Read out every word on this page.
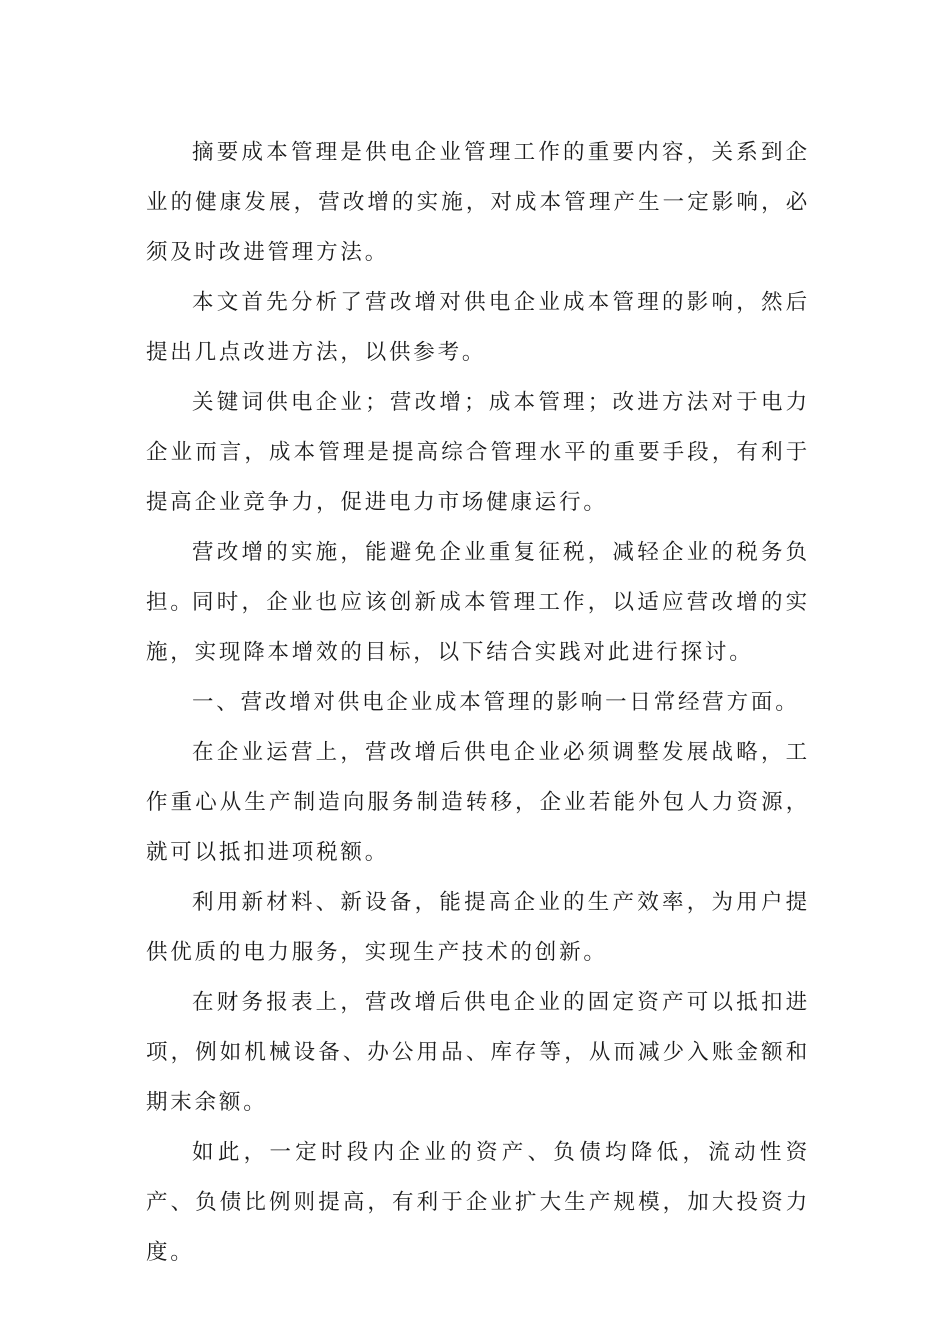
摘要成本管理是供电企业管理工作的重要内容，关系到企业的健康发展，营改增的实施，对成本管理产生一定影响，必须及时改进管理方法。

本文首先分析了营改增对供电企业成本管理的影响，然后提出几点改进方法，以供参考。

关键词供电企业；营改增；成本管理；改进方法对于电力企业而言，成本管理是提高综合管理水平的重要手段，有利于提高企业竞争力，促进电力市场健康运行。

营改增的实施，能避免企业重复征税，减轻企业的税务负担。

同时，企业也应该创新成本管理工作，以适应营改增的实施，实现降本增效的目标，以下结合实践对此进行探讨。

一、营改增对供电企业成本管理的影响一日常经营方面。

在企业运营上，营改增后供电企业必须调整发展战略，工作重心从生产制造向服务制造转移，企业若能外包人力资源，就可以抵扣进项税额。

利用新材料、新设备，能提高企业的生产效率，为用户提供优质的电力服务，实现生产技术的创新。

在财务报表上，营改增后供电企业的固定资产可以抵扣进项，例如机械设备、办公用品、库存等，从而减少入账金额和期末余额。

如此，一定时段内企业的资产、负债均降低，流动性资产、负债比例则提高，有利于企业扩大生产规模，加大投资力度。
